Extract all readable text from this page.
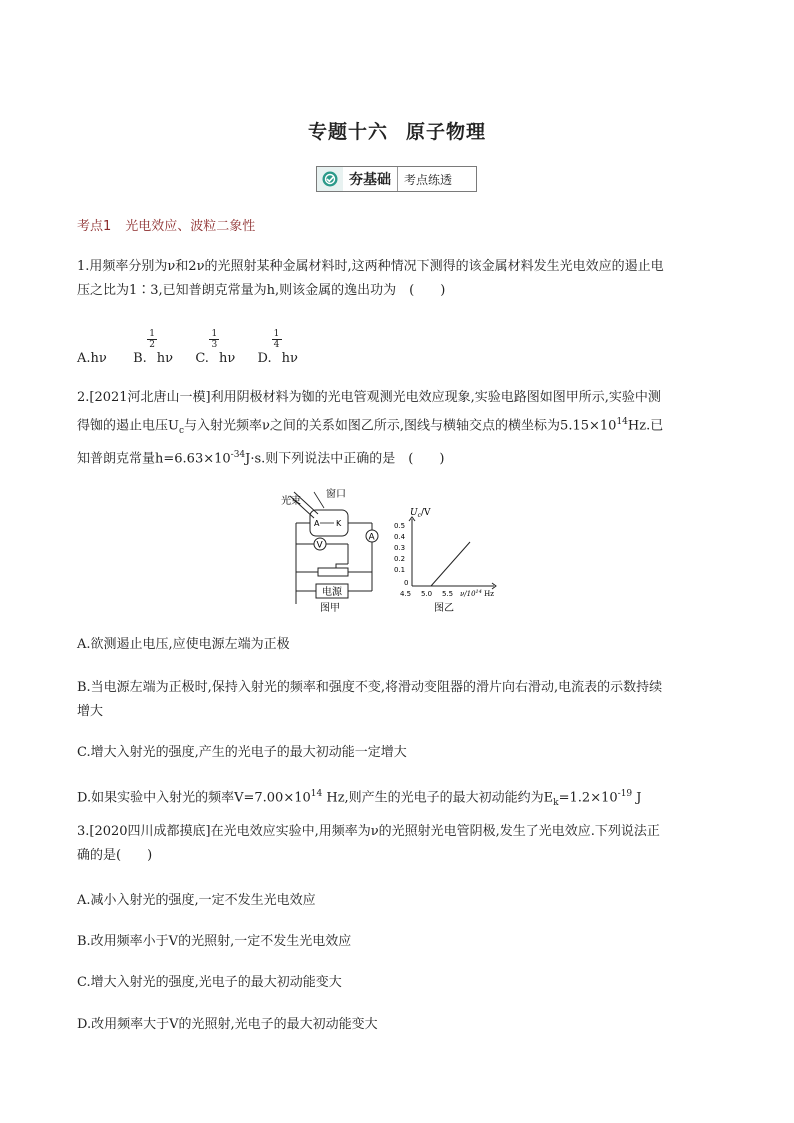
专题十六 原子物理
夯基础	考点练透
考点1 光电效应、波粒二象性
1.用频率分别为ν和2ν的光照射某种金属材料时,这两种情况下测得的该金属材料发生光电效应的遏止电
压之比为1∶3,已知普朗克常量为h,则该金属的逸出功为　(　　)
A.hν B.
$\frac{1}{2}$
hν C.
$\frac{1}{3}$
hν D.
$\frac{1}{4}$
hν
2.[2021河北唐山一模]利用阴极材料为铷的光电管观测光电效应现象,实验电路图如图甲所示,实验中测
得铷的遏止电压$U_c$与入射光频率ν之间的关系如图乙所示,图线与横轴交点的横坐标为$5.15\times 10^{14}Hz$.已
知普朗克常量$h=6.63\times 10^{-34}J\cdot s$.则下列说法中正确的是　(　　)
光束
窗口
A K
A
V
电源
图甲
$U_c/V$
0.5
0.4
0.3
0.2
0.1
0
4.5 5.0 5.5 $\nu/10^{14}$ Hz
图乙
A.欲测遏止电压,应使电源左端为正极
B.当电源左端为正极时,保持入射光的频率和强度不变,将滑动变阻器的滑片向右滑动,电流表的示数持续
增大
C.增大入射光的强度,产生的光电子的最大初动能一定增大
D.如果实验中入射光的频率$V=7.00\times 10^{14}$ Hz,则产生的光电子的最大初动能约为$E_k=1.2\times 10^{-19}$ J
3.[2020四川成都摸底]在光电效应实验中,用频率为ν的光照射光电管阴极,发生了光电效应.下列说法正
确的是(　　)
A.减小入射光的强度,一定不发生光电效应
B.改用频率小于V的光照射,一定不发生光电效应
C.增大入射光的强度,光电子的最大初动能变大
D.改用频率大于V的光照射,光电子的最大初动能变大
